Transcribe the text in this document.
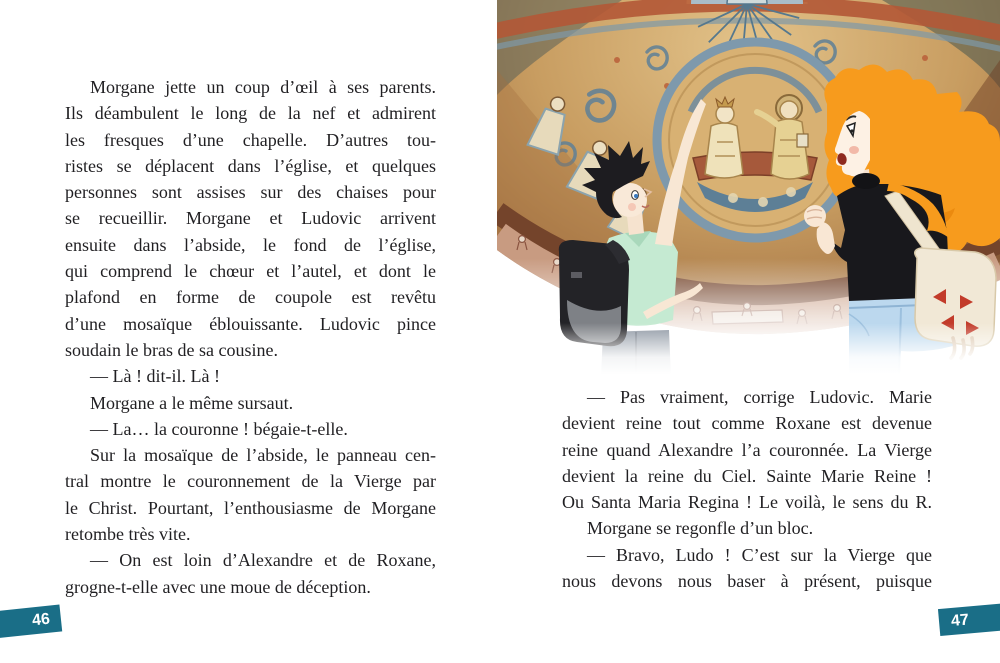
Morgane jette un coup d’œil à ses parents.
Ils déambulent le long de la nef et admirent
les fresques d’une chapelle. D’autres tou-
ristes se déplacent dans l’église, et quelques
personnes sont assises sur des chaises pour
se recueillir. Morgane et Ludovic arrivent
ensuite dans l’abside, le fond de l’église,
qui comprend le chœur et l’autel, et dont le
plafond en forme de coupole est revêtu
d’une mosaïque éblouissante. Ludovic pince
soudain le bras de sa cousine.
— Là ! dit-il. Là !
Morgane a le même sursaut.
— La… la couronne ! bégaie-t-elle.
Sur la mosaïque de l’abside, le panneau cen-
tral montre le couronnement de la Vierge par
le Christ. Pourtant, l’enthousiasme de Morgane
retombe très vite.
— On est loin d’Alexandre et de Roxane,
grogne-t-elle avec une moue de déception.
— Pas vraiment, corrige Ludovic. Marie
devient reine tout comme Roxane est devenue
reine quand Alexandre l’a couronnée. La Vierge
devient la reine du Ciel. Sainte Marie Reine !
Ou Santa Maria Regina ! Le voilà, le sens du R.
Morgane se regonfle d’un bloc.
— Bravo, Ludo ! C’est sur la Vierge que
nous devons nous baser à présent, puisque
46	47
